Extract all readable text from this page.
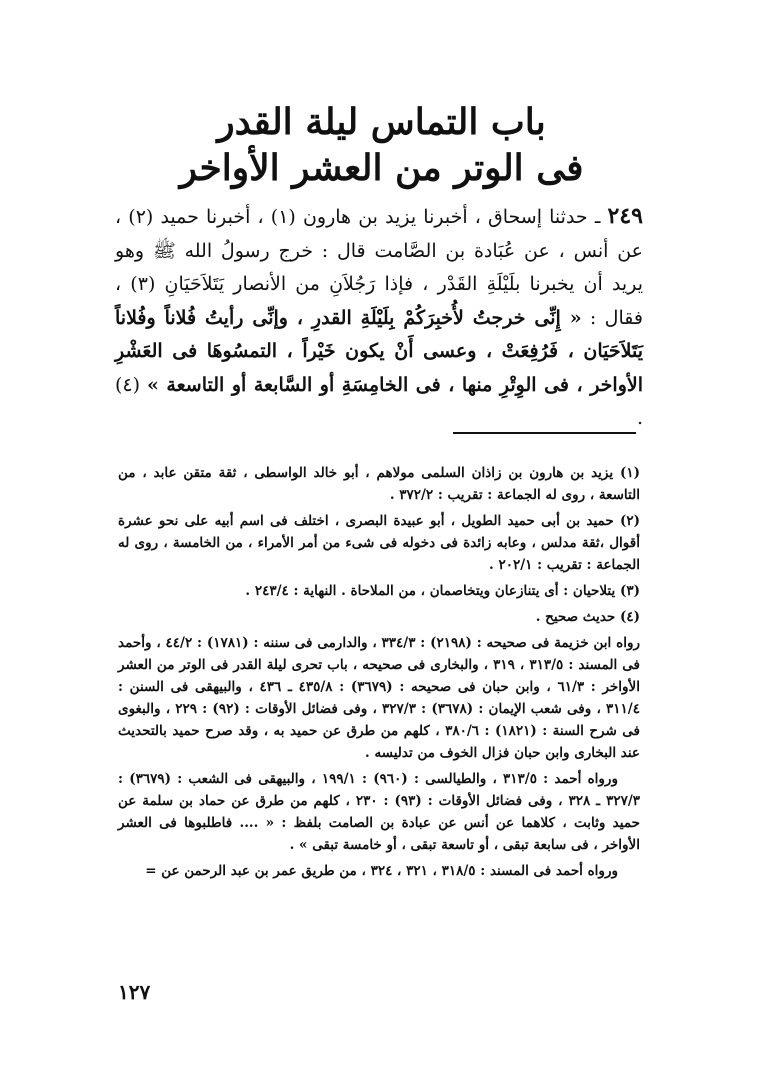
باب التماس ليلة القدر
فى الوتر من العشر الأواخر

٢٤٩ ـ حدثنا إسحاق ، أخبرنا يزيد بن هارون (١) ، أخبرنا حميد (٢) ، عن أنس ، عن عُبَادة بن الصَّامت قال : خرج رسولُ الله ﷺ وهو يريد أن يخبرنا بلَيْلَةِ القَدْر ، فإذا رَجُلاَنِ من الأنصار يَتَلاَحَيَانِ (٣) ، فقال : « إِنِّى خرجتُ لأُخبِرَكُمْ بِلَيْلَةِ القدرِ ، وإنِّى رأيتُ فُلاناً وفُلاناً يَتَلاَحَيَان ، فَرُفِعَتْ ، وعسى أَنْ يكون خَيْراً ، التمسُوهَا فى العَشْرِ الأواخر ، فى الوِتْرِ منها ، فى الخامِسَةِ أو السَّابعة أو التاسعة » (٤) .

(١) يزيد بن هارون بن زاذان السلمى مولاهم ، أبو خالد الواسطى ، ثقة متقن عابد ، من التاسعة ، روى له الجماعة : تقريب : ٣٧٢/٢ .

(٢) حميد بن أبى حميد الطويل ، أبو عبيدة البصرى ، اختلف فى اسم أبيه على نحو عشرة أقوال ،ثقة مدلس ، وعابه زائدة فى دخوله فى شىء من أمر الأمراء ، من الخامسة ، روى له الجماعة : تقريب : ٢٠٢/١ .

(٣) يتلاحيان : أى يتنازعان ويتخاصمان ، من الملاحاة . النهاية : ٢٤٣/٤ .

(٤) حديث صحيح .

رواه ابن خزيمة فى صحيحه : (٢١٩٨) : ٣٣٤/٣ ، والدارمى فى سننه : (١٧٨١) : ٤٤/٢ ، وأحمد فى المسند : ٣١٣/٥ ، ٣١٩ ، والبخارى فى صحيحه ، باب تحرى ليلة القدر فى الوتر من العشر الأواخر : ٦١/٣ ، وابن حبان فى صحيحه : (٣٦٧٩) : ٤٣٥/٨ ـ ٤٣٦ ، والبيهقى فى السنن : ٣١١/٤ ، وفى شعب الإيمان : (٣٦٧٨) : ٣٢٧/٣ ، وفى فضائل الأوقات : (٩٢) : ٢٢٩ ، والبغوى فى شرح السنة : (١٨٢١) : ٣٨٠/٦ ، كلهم من طرق عن حميد به ، وقد صرح حميد بالتحديث عند البخارى وابن حبان فزال الخوف من تدليسه .

ورواه أحمد : ٣١٣/٥ ، والطيالسى : (٩٦٠) : ١٩٩/١ ، والبيهقى فى الشعب : (٣٦٧٩) : ٣٢٧/٣ ـ ٣٢٨ ، وفى فضائل الأوقات : (٩٣) : ٢٣٠ ، كلهم من طرق عن حماد بن سلمة عن حميد وثابت ، كلاهما عن أنس عن عبادة بن الصامت بلفظ : « .... فاطلبوها فى العشر الأواخر ، فى سابعة تبقى ، أو تاسعة تبقى ، أو خامسة تبقى » .

ورواه أحمد فى المسند : ٣١٨/٥ ، ٣٢١ ، ٣٢٤ ، من طريق عمر بن عبد الرحمن عن =

١٢٧
